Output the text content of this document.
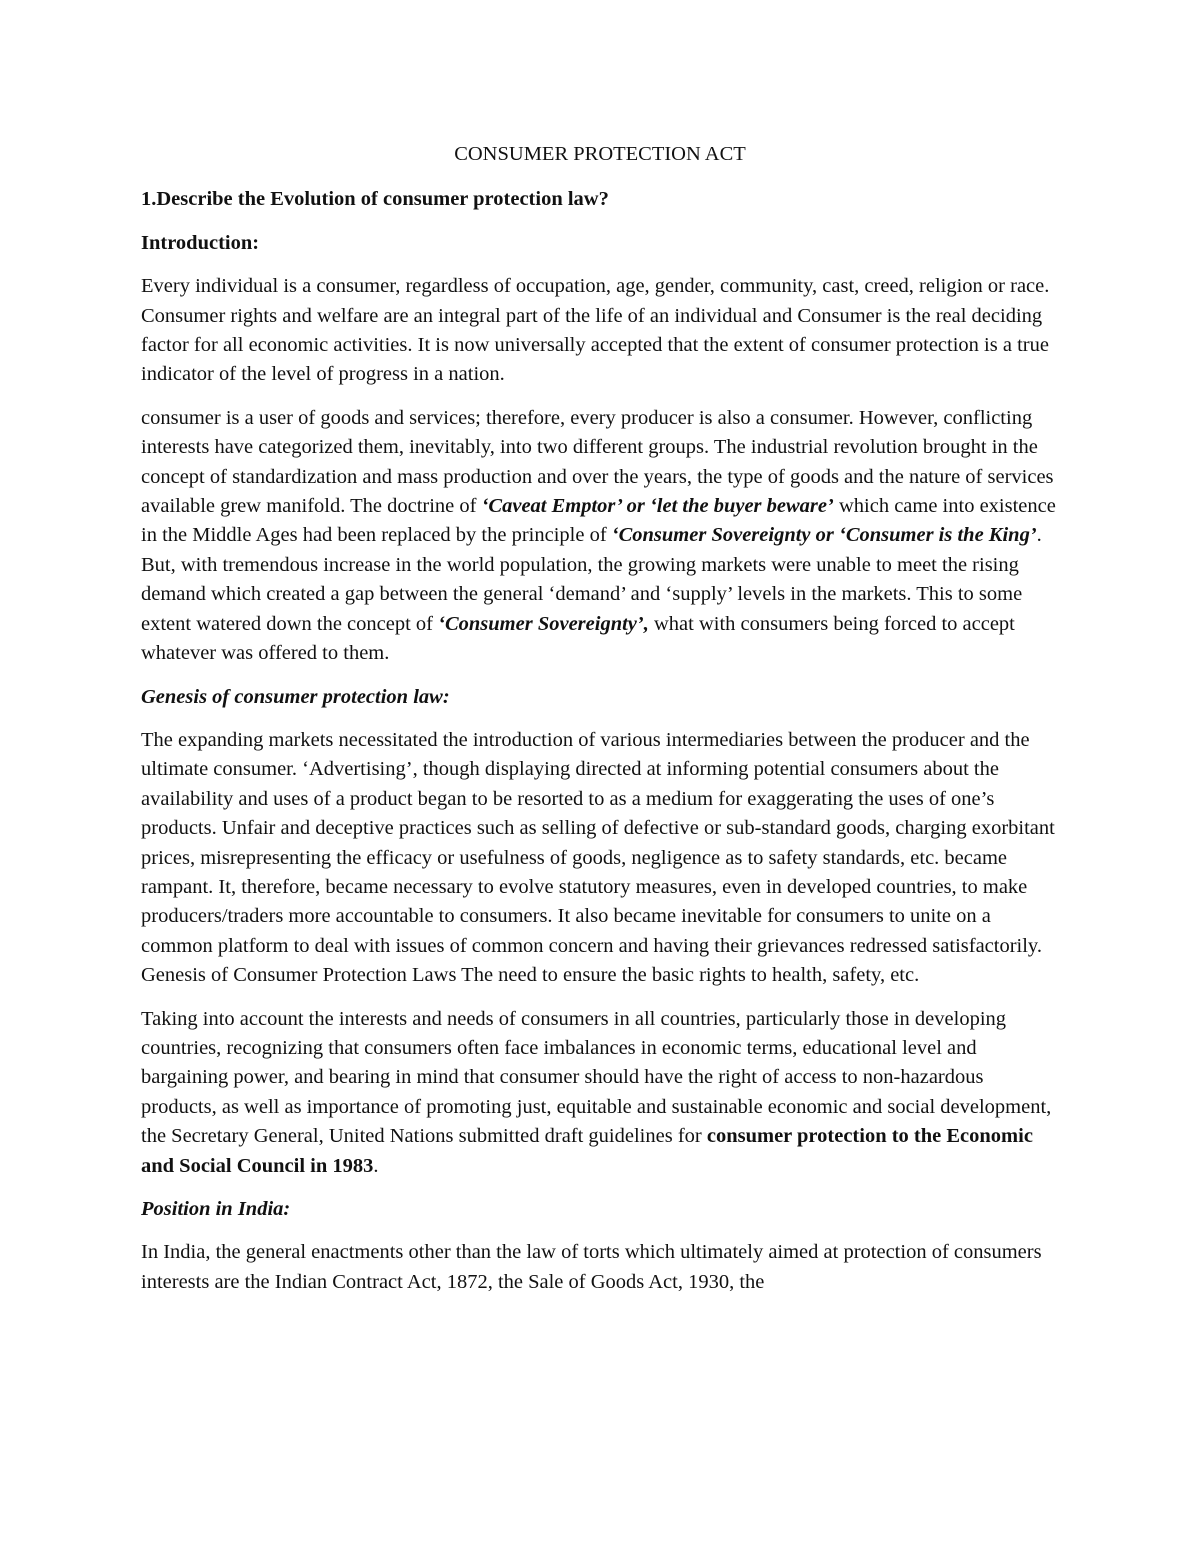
CONSUMER PROTECTION ACT
1.Describe the Evolution of consumer protection law?
Introduction:

Every individual is a consumer, regardless of occupation, age, gender, community, cast, creed, religion or race. Consumer rights and welfare are an integral part of the life of an individual and Consumer is the real deciding factor for all economic activities. It is now universally accepted that the extent of consumer protection is a true indicator of the level of progress in a nation.

consumer is a user of goods and services; therefore, every producer is also a consumer. However, conflicting interests have categorized them, inevitably, into two different groups. The industrial revolution brought in the concept of standardization and mass production and over the years, the type of goods and the nature of services available grew manifold. The doctrine of ‘Caveat Emptor’ or ‘let the buyer beware’ which came into existence in the Middle Ages had been replaced by the principle of ‘Consumer Sovereignty or ‘Consumer is the King’. But, with tremendous increase in the world population, the growing markets were unable to meet the rising demand which created a gap between the general ‘demand’ and ‘supply’ levels in the markets. This to some extent watered down the concept of ‘Consumer Sovereignty’, what with consumers being forced to accept whatever was offered to them.

Genesis of consumer protection law:

The expanding markets necessitated the introduction of various intermediaries between the producer and the ultimate consumer. ‘Advertising’, though displaying directed at informing potential consumers about the availability and uses of a product began to be resorted to as a medium for exaggerating the uses of one’s products. Unfair and deceptive practices such as selling of defective or sub-standard goods, charging exorbitant prices, misrepresenting the efficacy or usefulness of goods, negligence as to safety standards, etc. became rampant. It, therefore, became necessary to evolve statutory measures, even in developed countries, to make producers/traders more accountable to consumers. It also became inevitable for consumers to unite on a common platform to deal with issues of common concern and having their grievances redressed satisfactorily. Genesis of Consumer Protection Laws The need to ensure the basic rights to health, safety, etc.

Taking into account the interests and needs of consumers in all countries, particularly those in developing countries, recognizing that consumers often face imbalances in economic terms, educational level and bargaining power, and bearing in mind that consumer should have the right of access to non-hazardous products, as well as importance of promoting just, equitable and sustainable economic and social development, the Secretary General, United Nations submitted draft guidelines for consumer protection to the Economic and Social Council in 1983.

Position in India:

In India, the general enactments other than the law of torts which ultimately aimed at protection of consumers interests are the Indian Contract Act, 1872, the Sale of Goods Act, 1930, the
